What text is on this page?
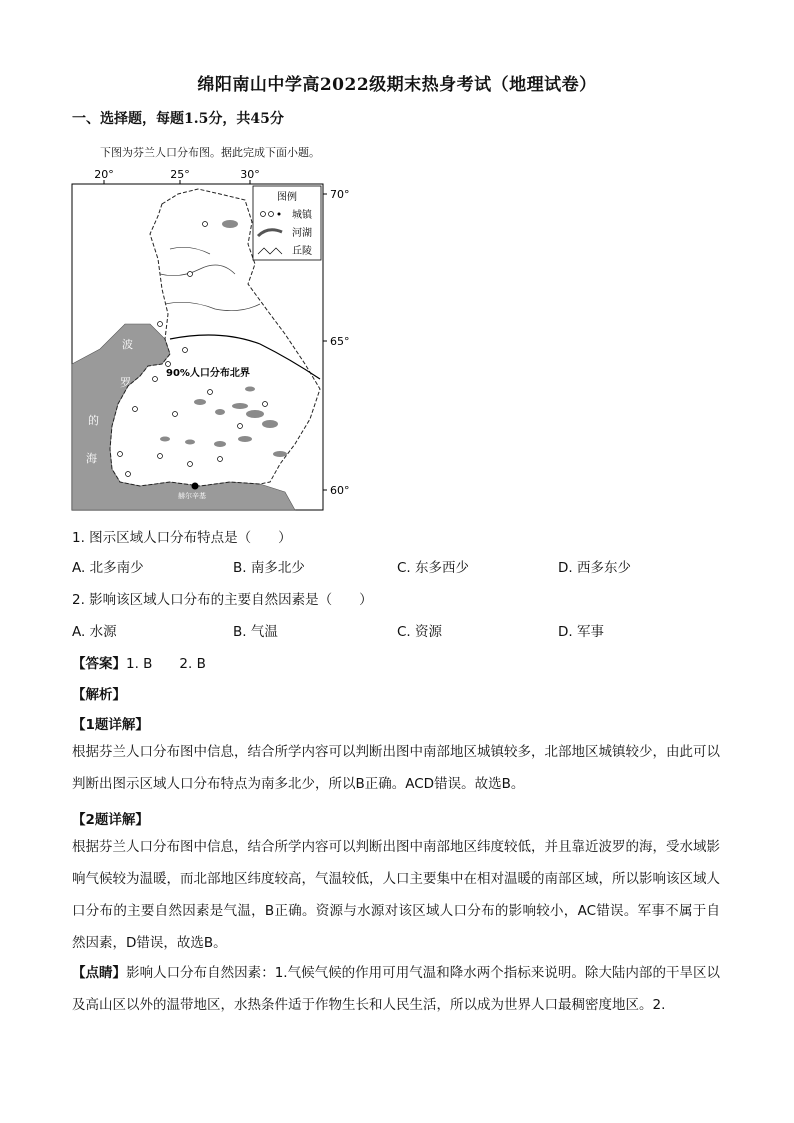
绵阳南山中学高2022级期末热身考试（地理试卷）
一、选择题，每题1.5分，共45分
下图为芬兰人口分布图。据此完成下面小题。
20°	25°	30°
70°
65°
60°
90%人口分布北界
波
罗
的
海
赫尔辛基
图例
城镇
河湖
丘陵
1. 图示区域人口分布特点是（　　）
A. 北多南少	B. 南多北少	C. 东多西少	D. 西多东少
2. 影响该区域人口分布的主要自然因素是（　　）
A. 水源	B. 气温	C. 资源	D. 军事
【答案】1. B　　2. B
【解析】
【1题详解】
根据芬兰人口分布图中信息，结合所学内容可以判断出图中南部地区城镇较多，北部地区城镇较少，由此可以判断出图示区域人口分布特点为南多北少，所以B正确。ACD错误。故选B。
【2题详解】
根据芬兰人口分布图中信息，结合所学内容可以判断出图中南部地区纬度较低，并且靠近波罗的海，受水域影响气候较为温暖，而北部地区纬度较高，气温较低，人口主要集中在相对温暖的南部区域，所以影响该区域人口分布的主要自然因素是气温，B正确。资源与水源对该区域人口分布的影响较小，AC错误。军事不属于自然因素，D错误，故选B。
【点睛】影响人口分布自然因素：1.气候气候的作用可用气温和降水两个指标来说明。除大陆内部的干旱区以及高山区以外的温带地区，水热条件适于作物生长和人民生活，所以成为世界人口最稠密度地区。2.
